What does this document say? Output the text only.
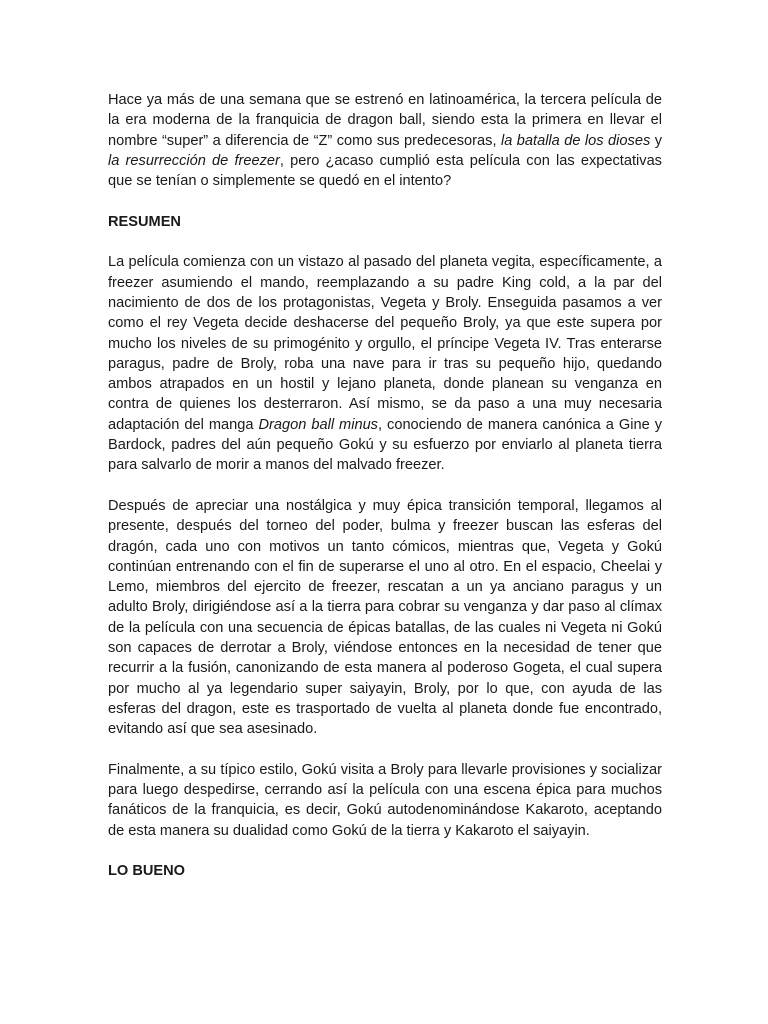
Hace ya más de una semana que se estrenó en latinoamérica, la tercera película de la era moderna de la franquicia de dragon ball, siendo esta la primera en llevar el nombre “super” a diferencia de “Z” como sus predecesoras, la batalla de los dioses y la resurrección de freezer, pero ¿acaso cumplió esta película con las expectativas que se tenían o simplemente se quedó en el intento?

RESUMEN

La película comienza con un vistazo al pasado del planeta vegita, específicamente, a freezer asumiendo el mando, reemplazando a su padre King cold, a la par del nacimiento de dos de los protagonistas, Vegeta y Broly. Enseguida pasamos a ver como el rey Vegeta decide deshacerse del pequeño Broly, ya que este supera por mucho los niveles de su primogénito y orgullo, el príncipe Vegeta IV. Tras enterarse paragus, padre de Broly, roba una nave para ir tras su pequeño hijo, quedando ambos atrapados en un hostil y lejano planeta, donde planean su venganza en contra de quienes los desterraron. Así mismo, se da paso a una muy necesaria adaptación del manga Dragon ball minus, conociendo de manera canónica a Gine y Bardock, padres del aún pequeño Gokú y su esfuerzo por enviarlo al planeta tierra para salvarlo de morir a manos del malvado freezer.

Después de apreciar una nostálgica y muy épica transición temporal, llegamos al presente, después del torneo del poder, bulma y freezer buscan las esferas del dragón, cada uno con motivos un tanto cómicos, mientras que, Vegeta y Gokú continúan entrenando con el fin de superarse el uno al otro. En el espacio, Cheelai y Lemo, miembros del ejercito de freezer, rescatan a un ya anciano paragus y un adulto Broly, dirigiéndose así a la tierra para cobrar su venganza y dar paso al clímax de la película con una secuencia de épicas batallas, de las cuales ni Vegeta ni Gokú son capaces de derrotar a Broly, viéndose entonces en la necesidad de tener que recurrir a la fusión, canonizando de esta manera al poderoso Gogeta, el cual supera por mucho al ya legendario super saiyayin, Broly, por lo que, con ayuda de las esferas del dragon, este es trasportado de vuelta al planeta donde fue encontrado, evitando así que sea asesinado.

Finalmente, a su típico estilo, Gokú visita a Broly para llevarle provisiones y socializar para luego despedirse, cerrando así la película con una escena épica para muchos fanáticos de la franquicia, es decir, Gokú autodenominándose Kakaroto, aceptando de esta manera su dualidad como Gokú de la tierra y Kakaroto el saiyayin.

LO BUENO
